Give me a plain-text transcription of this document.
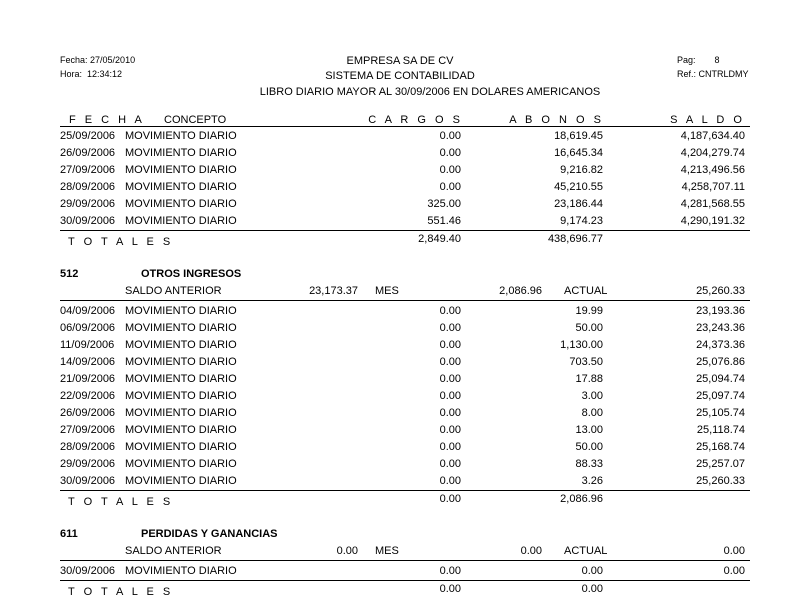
Fecha: 27/05/2010
Hora: 12:34:12
EMPRESA SA DE CV
SISTEMA DE CONTABILIDAD
LIBRO DIARIO MAYOR AL 30/09/2006 EN DOLARES AMERICANOS
Pag: 8
Ref.: CNTRLDMY
F E C H A CONCEPTO	C A R G O S	A B O N O S	S A L D O
25/09/2006 MOVIMIENTO DIARIO	0.00	18,619.45	4,187,634.40
26/09/2006 MOVIMIENTO DIARIO	0.00	16,645.34	4,204,279.74
27/09/2006 MOVIMIENTO DIARIO	0.00	9,216.82	4,213,496.56
28/09/2006 MOVIMIENTO DIARIO	0.00	45,210.55	4,258,707.11
29/09/2006 MOVIMIENTO DIARIO	325.00	23,186.44	4,281,568.55
30/09/2006 MOVIMIENTO DIARIO	551.46	9,174.23	4,290,191.32
T O T A L E S	2,849.40	438,696.77
512	OTROS INGRESOS
SALDO ANTERIOR	23,173.37 MES	2,086.96 ACTUAL	25,260.33
04/09/2006 MOVIMIENTO DIARIO	0.00	19.99	23,193.36
06/09/2006 MOVIMIENTO DIARIO	0.00	50.00	23,243.36
11/09/2006 MOVIMIENTO DIARIO	0.00	1,130.00	24,373.36
14/09/2006 MOVIMIENTO DIARIO	0.00	703.50	25,076.86
21/09/2006 MOVIMIENTO DIARIO	0.00	17.88	25,094.74
22/09/2006 MOVIMIENTO DIARIO	0.00	3.00	25,097.74
26/09/2006 MOVIMIENTO DIARIO	0.00	8.00	25,105.74
27/09/2006 MOVIMIENTO DIARIO	0.00	13.00	25,118.74
28/09/2006 MOVIMIENTO DIARIO	0.00	50.00	25,168.74
29/09/2006 MOVIMIENTO DIARIO	0.00	88.33	25,257.07
30/09/2006 MOVIMIENTO DIARIO	0.00	3.26	25,260.33
T O T A L E S	0.00	2,086.96
611	PERDIDAS Y GANANCIAS
SALDO ANTERIOR	0.00 MES	0.00 ACTUAL	0.00
30/09/2006 MOVIMIENTO DIARIO	0.00	0.00	0.00
T O T A L E S	0.00	0.00
